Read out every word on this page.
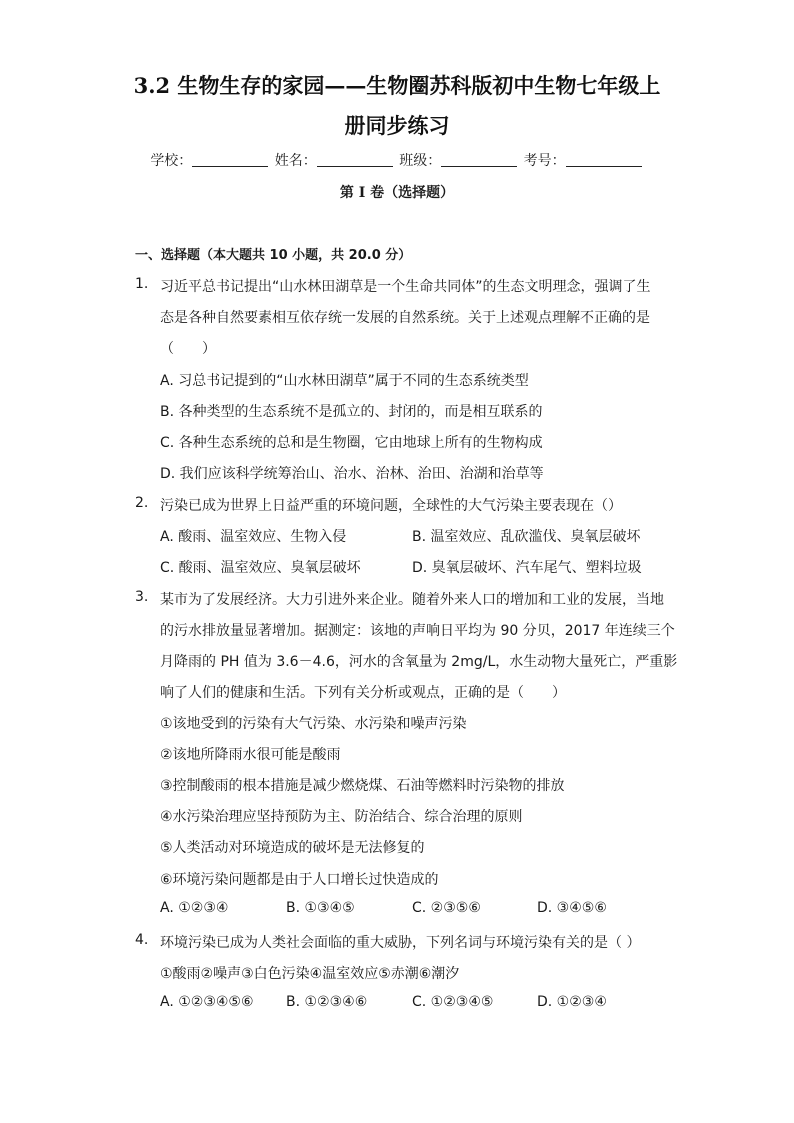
3.2 生物生存的家园——生物圈苏科版初中生物七年级上
册同步练习
学校：	姓名：	班级：	考号：
第 I 卷（选择题）
一、选择题（本大题共 10 小题，共 20.0 分）
1. 习近平总书记提出“山水林田湖草是一个生命共同体”的生态文明理念，强调了生
态是各种自然要素相互依存统一发展的自然系统。关于上述观点理解不正确的是
（　　）
A. 习总书记提到的“山水林田湖草”属于不同的生态系统类型
B. 各种类型的生态系统不是孤立的、封闭的，而是相互联系的
C. 各种生态系统的总和是生物圈，它由地球上所有的生物构成
D. 我们应该科学统筹治山、治水、治林、治田、治湖和治草等
2. 污染已成为世界上日益严重的环境问题，全球性的大气污染主要表现在（）
A. 酸雨、温室效应、生物入侵	B. 温室效应、乱砍滥伐、臭氧层破坏
C. 酸雨、温室效应、臭氧层破坏	D. 臭氧层破坏、汽车尾气、塑料垃圾
3. 某市为了发展经济。大力引进外来企业。随着外来人口的增加和工业的发展，当地
的污水排放量显著增加。据测定：该地的声响日平均为 90 分贝，2017 年连续三个
月降雨的 PH 值为 3.6－4.6，河水的含氧量为 2mg/L，水生动物大量死亡，严重影
响了人们的健康和生活。下列有关分析或观点，正确的是（　　）
①该地受到的污染有大气污染、水污染和噪声污染
②该地所降雨水很可能是酸雨
③控制酸雨的根本措施是减少燃烧煤、石油等燃料时污染物的排放
④水污染治理应坚持预防为主、防治结合、综合治理的原则
⑤人类活动对环境造成的破坏是无法修复的
⑥环境污染问题都是由于人口增长过快造成的
A. ①②③④	B. ①③④⑤	C. ②③⑤⑥	D. ③④⑤⑥
4. 环境污染已成为人类社会面临的重大威胁，下列名词与环境污染有关的是（ ）
①酸雨②噪声③白色污染④温室效应⑤赤潮⑥潮汐
A. ①②③④⑤⑥ B. ①②③④⑥	C. ①②③④⑤	D. ①②③④
